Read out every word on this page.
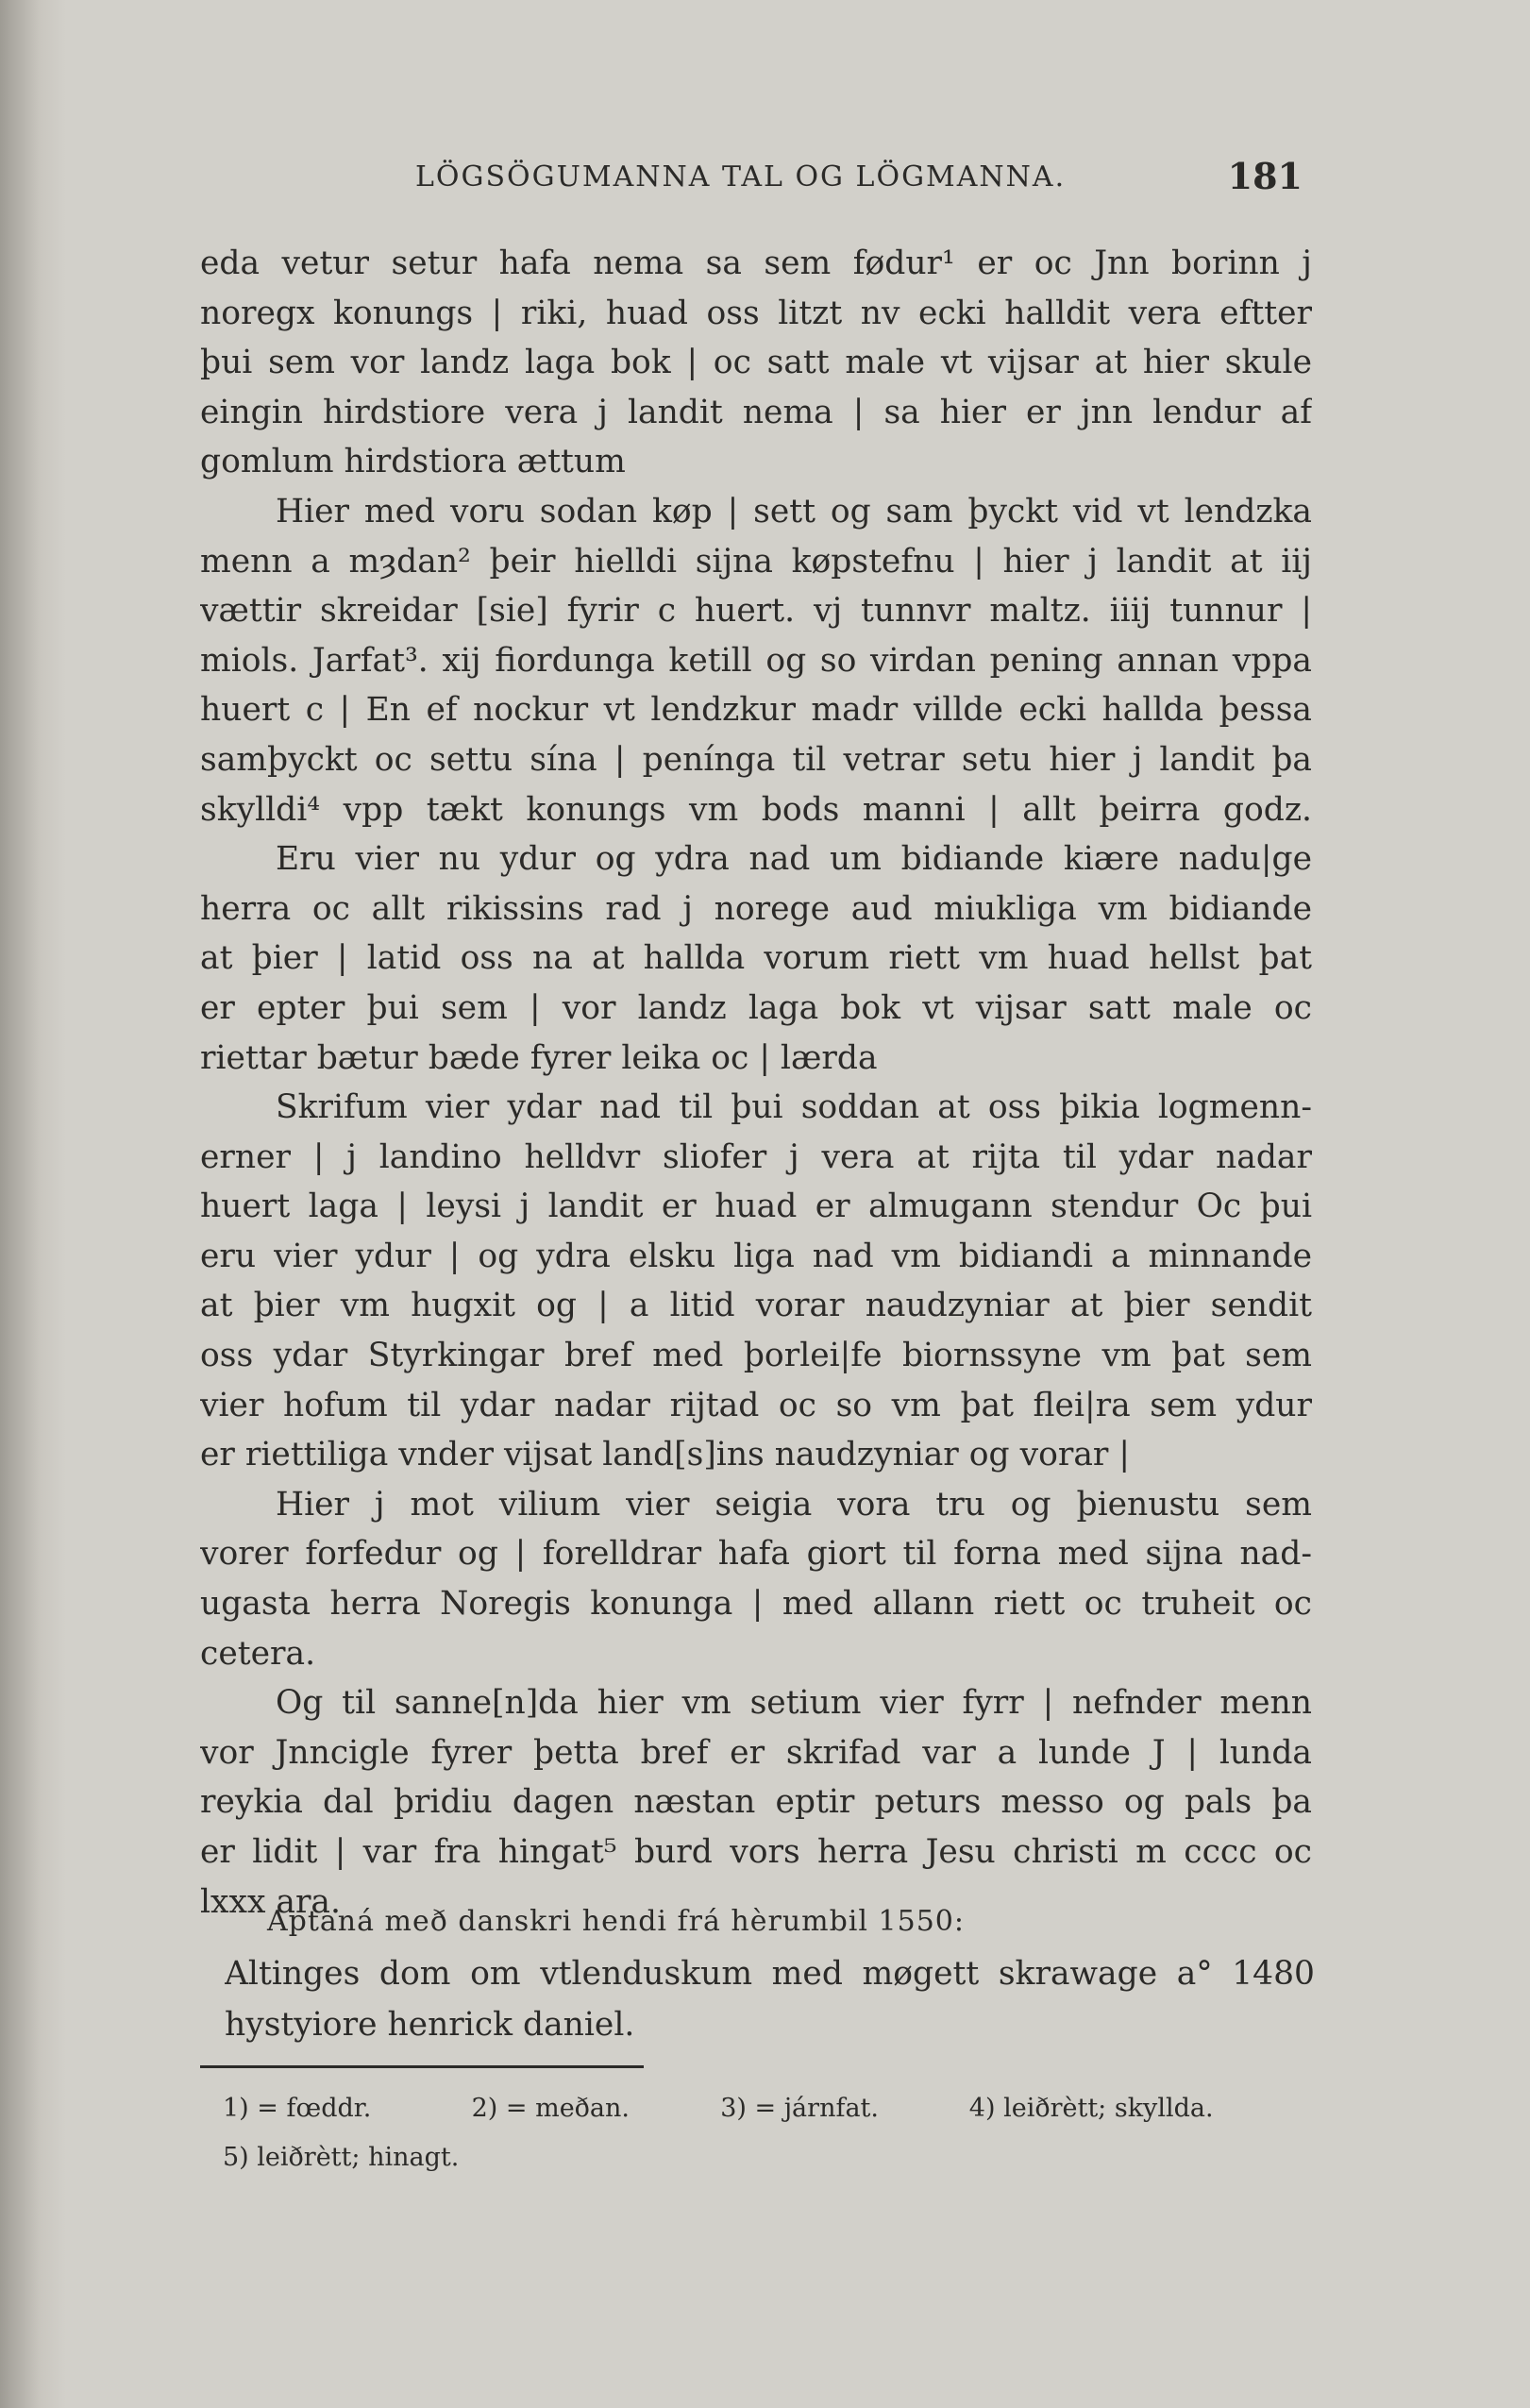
LÖGSÖGUMANNA TAL OG LÖGMANNA.	181
eda vetur setur hafa nema sa sem fødur¹ er oc Jnn borinn j
noregx konungs | riki, huad oss litzt nv ecki halldit vera eftter
þui sem vor landz laga bok | oc satt male vt vijsar at hier skule
eingin hirdstiore vera j landit nema | sa hier er jnn lendur af
gomlum hirdstiora ættum
Hier med voru sodan køp | sett og sam þyckt vid vt lendzka
menn a mȝdan² þeir hielldi sijna køpstefnu | hier j landit at iij
vættir skreidar [sie] fyrir c huert. vj tunnvr maltz. iiij tunnur |
miols. Jarfat³. xij fiordunga ketill og so virdan pening annan vppa
huert c | En ef nockur vt lendzkur madr villde ecki hallda þessa
samþyckt oc settu sína | penínga til vetrar setu hier j landit þa
skylldi⁴ vpp tækt konungs vm bods manni | allt þeirra godz.
Eru vier nu ydur og ydra nad um bidiande kiære nadu|ge
herra oc allt rikissins rad j norege aud miukliga vm bidiande
at þier | latid oss na at hallda vorum riett vm huad hellst þat
er epter þui sem | vor landz laga bok vt vijsar satt male oc
riettar bætur bæde fyrer leika oc | lærda
Skrifum vier ydar nad til þui soddan at oss þikia logmenn-
erner | j landino helldvr sliofer j vera at rijta til ydar nadar
huert laga | leysi j landit er huad er almugann stendur Oc þui
eru vier ydur | og ydra elsku liga nad vm bidiandi a minnande
at þier vm hugxit og | a litid vorar naudzyniar at þier sendit
oss ydar Styrkingar bref med þorlei|fe biornssyne vm þat sem
vier hofum til ydar nadar rijtad oc so vm þat flei|ra sem ydur
er riettiliga vnder vijsat land[s]ins naudzyniar og vorar |
Hier j mot vilium vier seigia vora tru og þienustu sem
vorer forfedur og | forelldrar hafa giort til forna med sijna nad-
ugasta herra Noregis konunga | med allann riett oc truheit oc
cetera.
Og til sanne[n]da hier vm setium vier fyrr | nefnder menn
vor Jnncigle fyrer þetta bref er skrifad var a lunde J | lunda
reykia dal þridiu dagen næstan eptir peturs messo og pals þa
er lidit | var fra hingat⁵ burd vors herra Jesu christi m cccc oc
lxxx ara.
Aptaná með danskri hendi frá hèrumbil 1550:
Altinges dom om vtlenduskum med møgett skrawage a° 1480
hystyiore henrick daniel.
1) = fœddr.	2) = meðan.	3) = járnfat.	4) leiðrètt; skyllda.
5) leiðrètt; hinagt.
